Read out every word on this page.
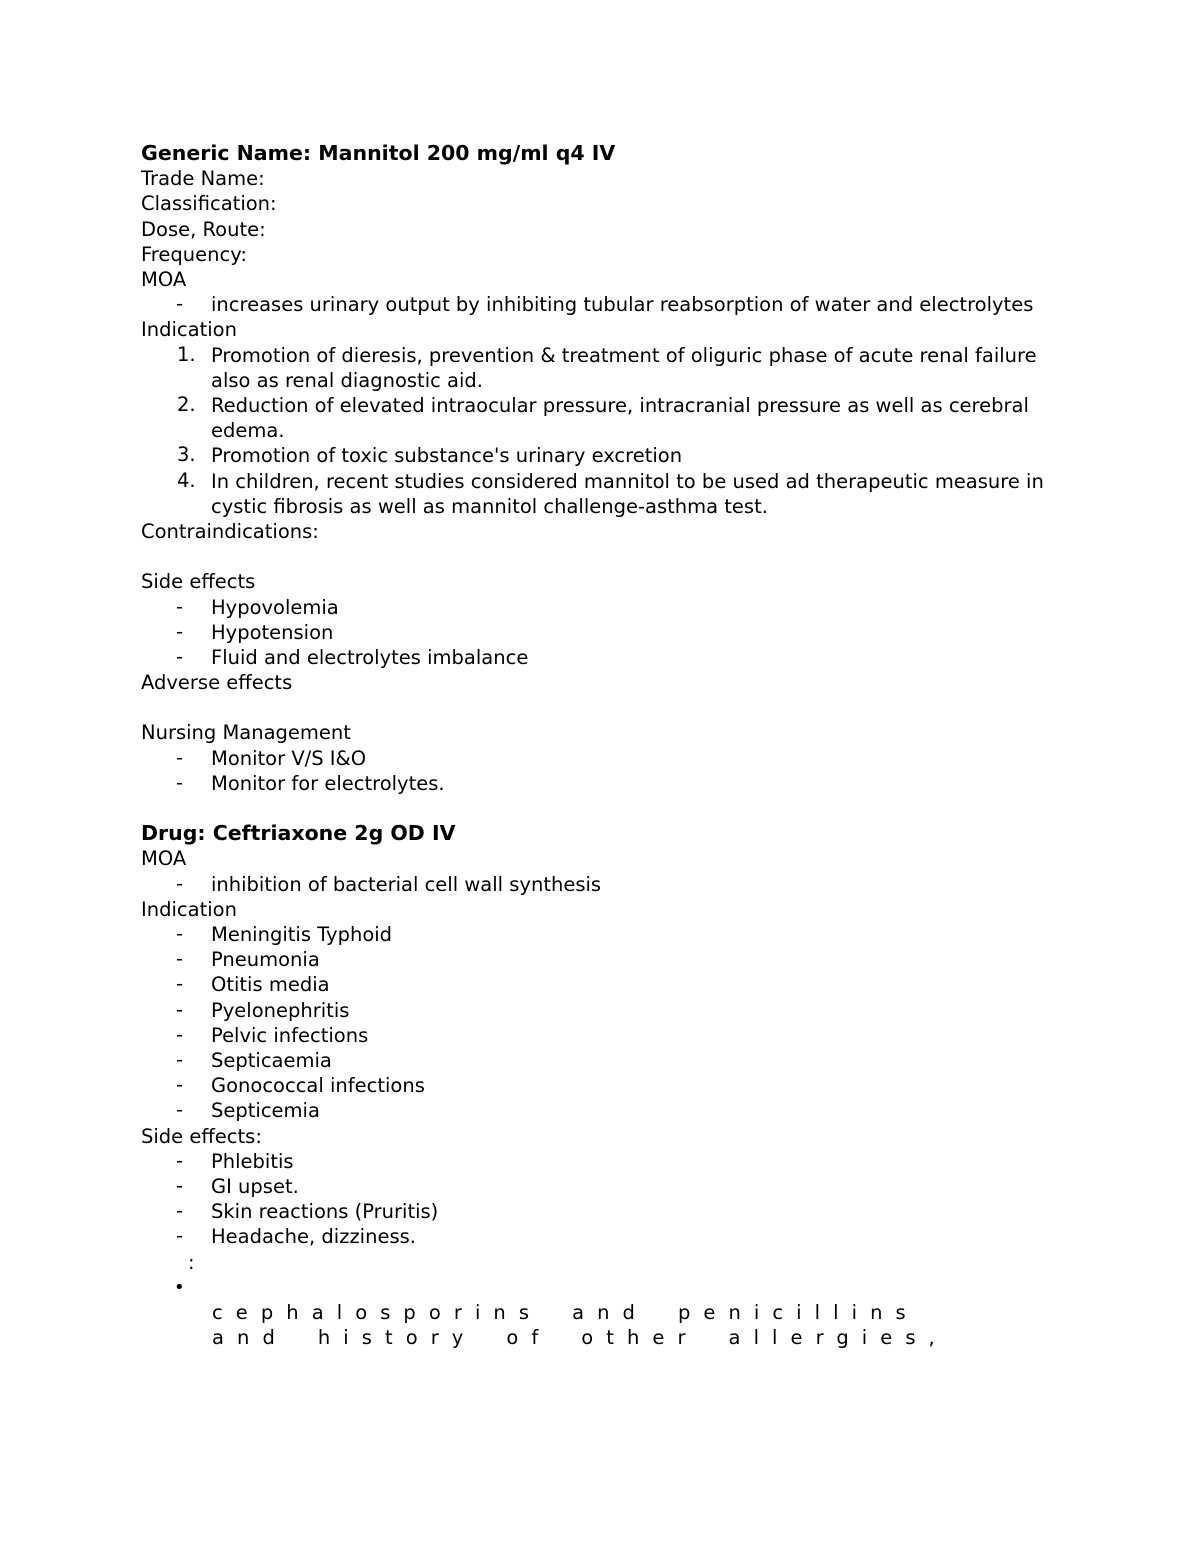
Generic Name: Mannitol 200 mg/ml q4 IV
Trade Name:
Classification:
Dose, Route:
Frequency:
MOA
- increases urinary output by inhibiting tubular reabsorption of water and electrolytes
Indication
1. Promotion of dieresis, prevention & treatment of oliguric phase of acute renal failure also as renal diagnostic aid.
2. Reduction of elevated intraocular pressure, intracranial pressure as well as cerebral edema.
3. Promotion of toxic substance's urinary excretion
4. In children, recent studies considered mannitol to be used ad therapeutic measure in cystic fibrosis as well as mannitol challenge-asthma test.
Contraindications:
Side effects
- Hypovolemia
- Hypotension
- Fluid and electrolytes imbalance
Adverse effects
Nursing Management
- Monitor V/S I&O
- Monitor for electrolytes.
Drug: Ceftriaxone 2g OD IV
MOA
- inhibition of bacterial cell wall synthesis
Indication
- Meningitis Typhoid
- Pneumonia
- Otitis media
- Pyelonephritis
- Pelvic infections
- Septicaemia
- Gonococcal infections
- Septicemia
Side effects:
- Phlebitis
- GI upset.
- Skin reactions (Pruritis)
- Headache, dizziness.
:
•
cephalosporins and penicillins
and history of other allergies,
